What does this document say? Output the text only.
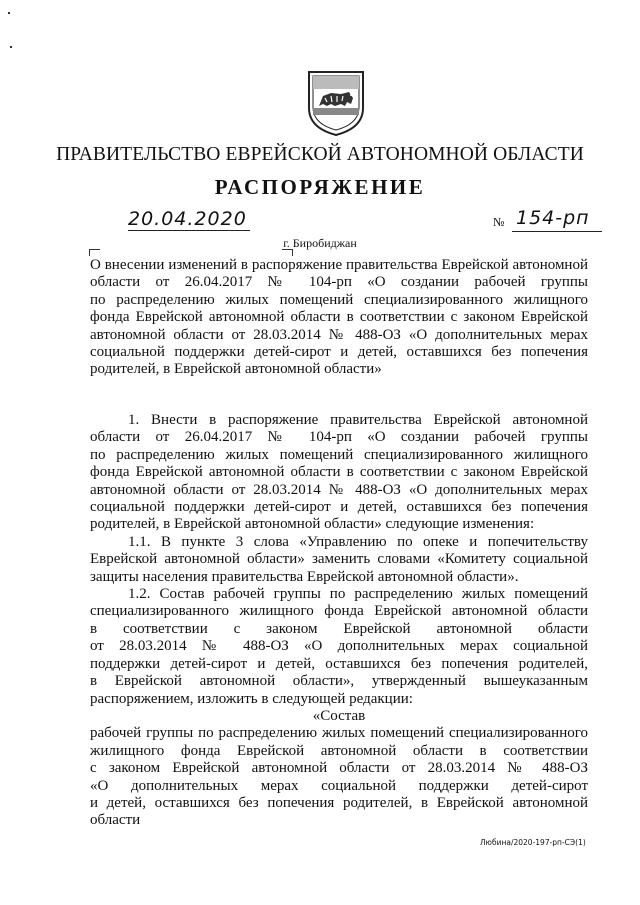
ПРАВИТЕЛЬСТВО ЕВРЕЙСКОЙ АВТОНОМНОЙ ОБЛАСТИ
РАСПОРЯЖЕНИЕ
20.04.2020	№ 154-рп
г. Биробиджан
О внесении изменений в распоряжение правительства Еврейской автономной
области от 26.04.2017 № 104-рп «О создании рабочей группы
по распределению жилых помещений специализированного жилищного
фонда Еврейской автономной области в соответствии с законом Еврейской
автономной области от 28.03.2014 № 488-ОЗ «О дополнительных мерах
социальной поддержки детей-сирот и детей, оставшихся без попечения
родителей, в Еврейской автономной области»
1. Внести в распоряжение правительства Еврейской автономной
области от 26.04.2017 № 104-рп «О создании рабочей группы
по распределению жилых помещений специализированного жилищного
фонда Еврейской автономной области в соответствии с законом Еврейской
автономной области от 28.03.2014 № 488-ОЗ «О дополнительных мерах
социальной поддержки детей-сирот и детей, оставшихся без попечения
родителей, в Еврейской автономной области» следующие изменения:
1.1. В пункте 3 слова «Управлению по опеке и попечительству
Еврейской автономной области» заменить словами «Комитету социальной
защиты населения правительства Еврейской автономной области».
1.2. Состав рабочей группы по распределению жилых помещений
специализированного жилищного фонда Еврейской автономной области
в соответствии с законом Еврейской автономной области
от 28.03.2014 № 488-ОЗ «О дополнительных мерах социальной
поддержки детей-сирот и детей, оставшихся без попечения родителей,
в Еврейской автономной области», утвержденный вышеуказанным
распоряжением, изложить в следующей редакции:
«Состав
рабочей группы по распределению жилых помещений специализированного
жилищного фонда Еврейской автономной области в соответствии
с законом Еврейской автономной области от 28.03.2014 № 488-ОЗ
«О дополнительных мерах социальной поддержки детей-сирот
и детей, оставшихся без попечения родителей, в Еврейской автономной
области
Любина/2020-197-рп-СЭ(1)
